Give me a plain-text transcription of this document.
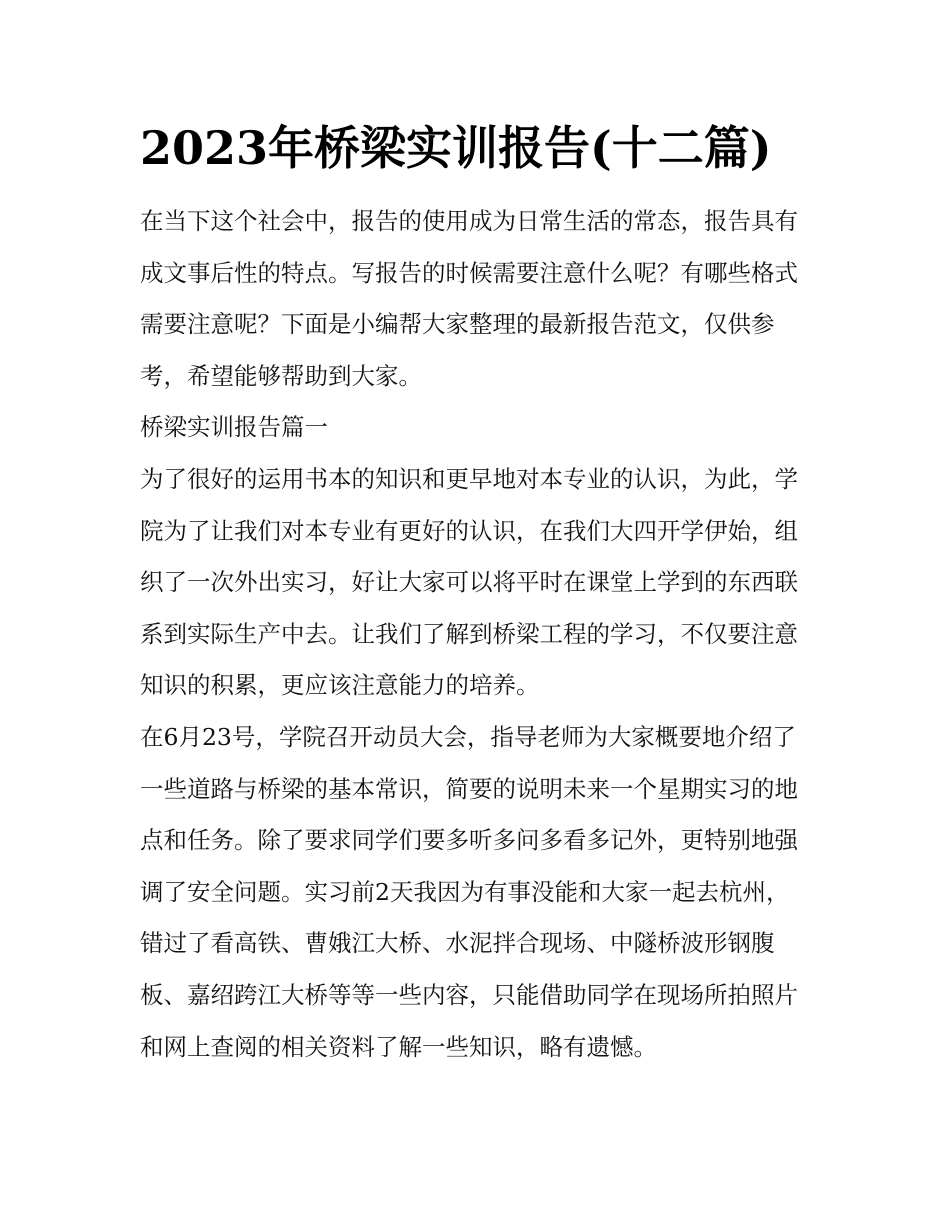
2023年桥梁实训报告(十二篇)

在当下这个社会中，报告的使用成为日常生活的常态，报告具有成文事后性的特点。写报告的时候需要注意什么呢？有哪些格式需要注意呢？下面是小编帮大家整理的最新报告范文，仅供参考，希望能够帮助到大家。

桥梁实训报告篇一

为了很好的运用书本的知识和更早地对本专业的认识，为此，学院为了让我们对本专业有更好的认识，在我们大四开学伊始，组织了一次外出实习，好让大家可以将平时在课堂上学到的东西联系到实际生产中去。让我们了解到桥梁工程的学习，不仅要注意知识的积累，更应该注意能力的培养。

在6月23号，学院召开动员大会，指导老师为大家概要地介绍了一些道路与桥梁的基本常识，简要的说明未来一个星期实习的地点和任务。除了要求同学们要多听多问多看多记外，更特别地强调了安全问题。实习前2天我因为有事没能和大家一起去杭州，错过了看高铁、曹娥江大桥、水泥拌合现场、中隧桥波形钢腹板、嘉绍跨江大桥等等一些内容，只能借助同学在现场所拍照片和网上查阅的相关资料了解一些知识，略有遗憾。
